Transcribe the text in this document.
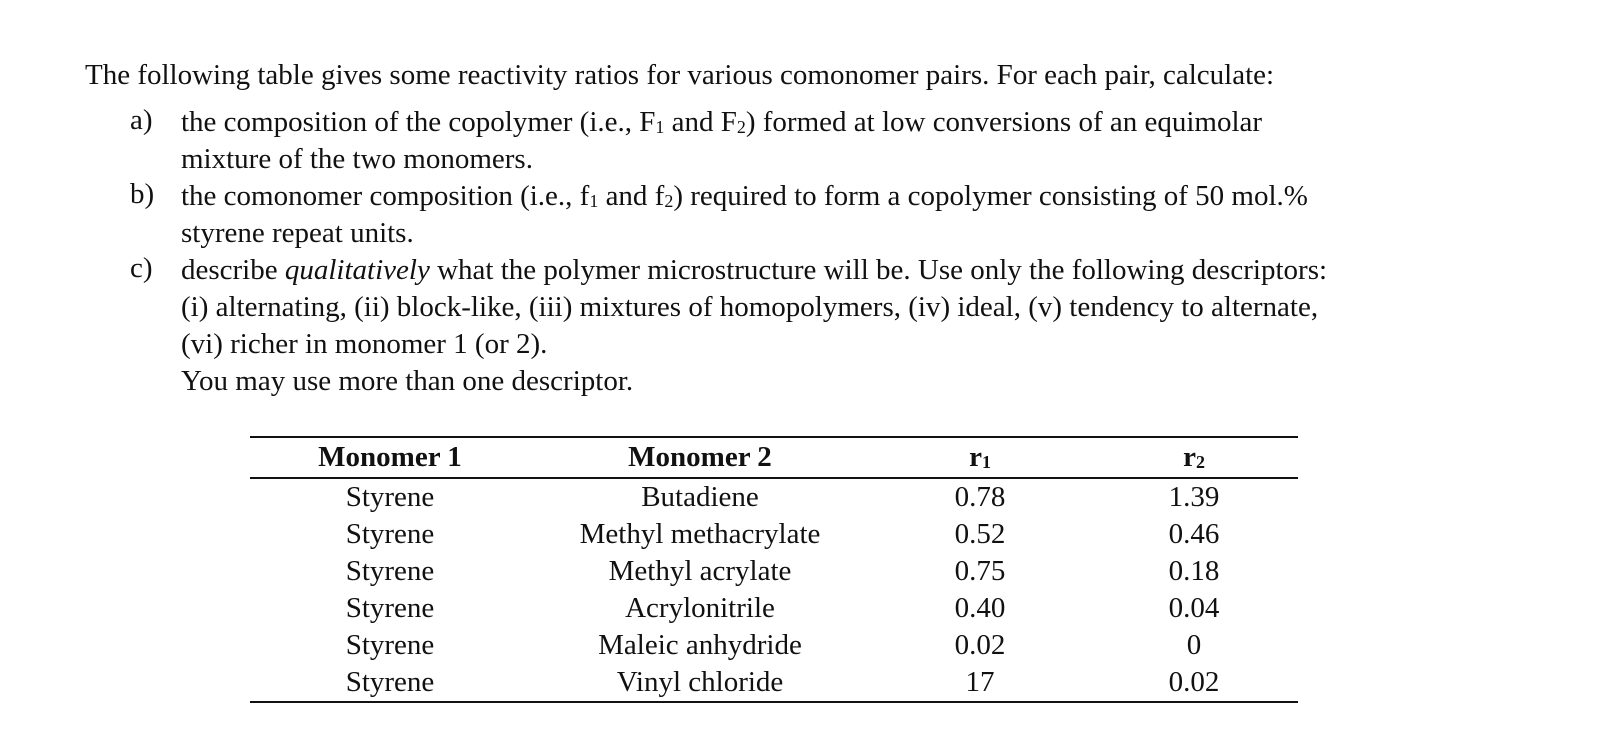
The following table gives some reactivity ratios for various comonomer pairs. For each pair, calculate:

a) the composition of the copolymer (i.e., $F_1$ and $F_2$) formed at low conversions of an equimolar
mixture of the two monomers.
b) the comonomer composition (i.e., $f_1$ and $f_2$) required to form a copolymer consisting of 50 mol.%
styrene repeat units.
c) describe qualitatively what the polymer microstructure will be. Use only the following descriptors:
(i) alternating, (ii) block-like, (iii) mixtures of homopolymers, (iv) ideal, (v) tendency to alternate,
(vi) richer in monomer 1 (or 2).
You may use more than one descriptor.
Monomer 1	Monomer 2	$r_1$	$r_2$
Styrene	Butadiene	0.78	1.39
Styrene	Methyl methacrylate	0.52	0.46
Styrene	Methyl acrylate	0.75	0.18
Styrene	Acrylonitrile	0.40	0.04
Styrene	Maleic anhydride	0.02	0
Styrene	Vinyl chloride	17	0.02
